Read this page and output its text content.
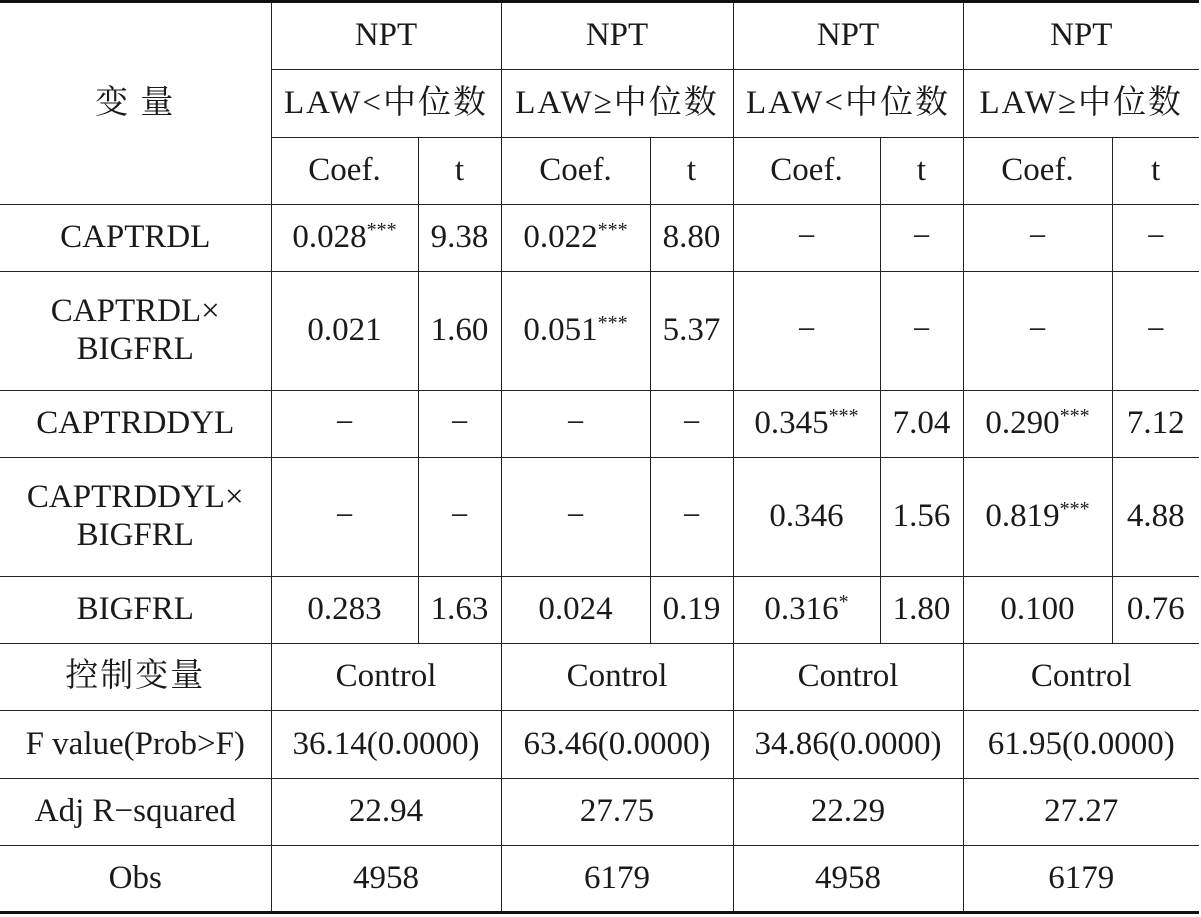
变 量	NPT		NPT		NPT		NPT	
	LAW<中位数		LAW≥中位数		LAW<中位数		LAW≥中位数	
	Coef.	t	Coef.	t	Coef.	t	Coef.	t
CAPTRDL	0.028***	9.38	0.022***	8.80	−	−	−	−
CAPTRDL×
BIGFRL	0.021	1.60	0.051***	5.37	−	−	−	−
CAPTRDDYL	−	−	−	−	0.345***	7.04	0.290***	7.12
CAPTRDDYL×
BIGFRL	−	−	−	−	0.346	1.56	0.819***	4.88
BIGFRL	0.283	1.63	0.024	0.19	0.316*	1.80	0.100	0.76
控制变量	Control		Control		Control		Control	
F value(Prob>F)	36.14(0.0000)		63.46(0.0000)		34.86(0.0000)		61.95(0.0000)	
Adj R−squared	22.94		27.75		22.29		27.27	
Obs	4958		6179		4958		6179	
